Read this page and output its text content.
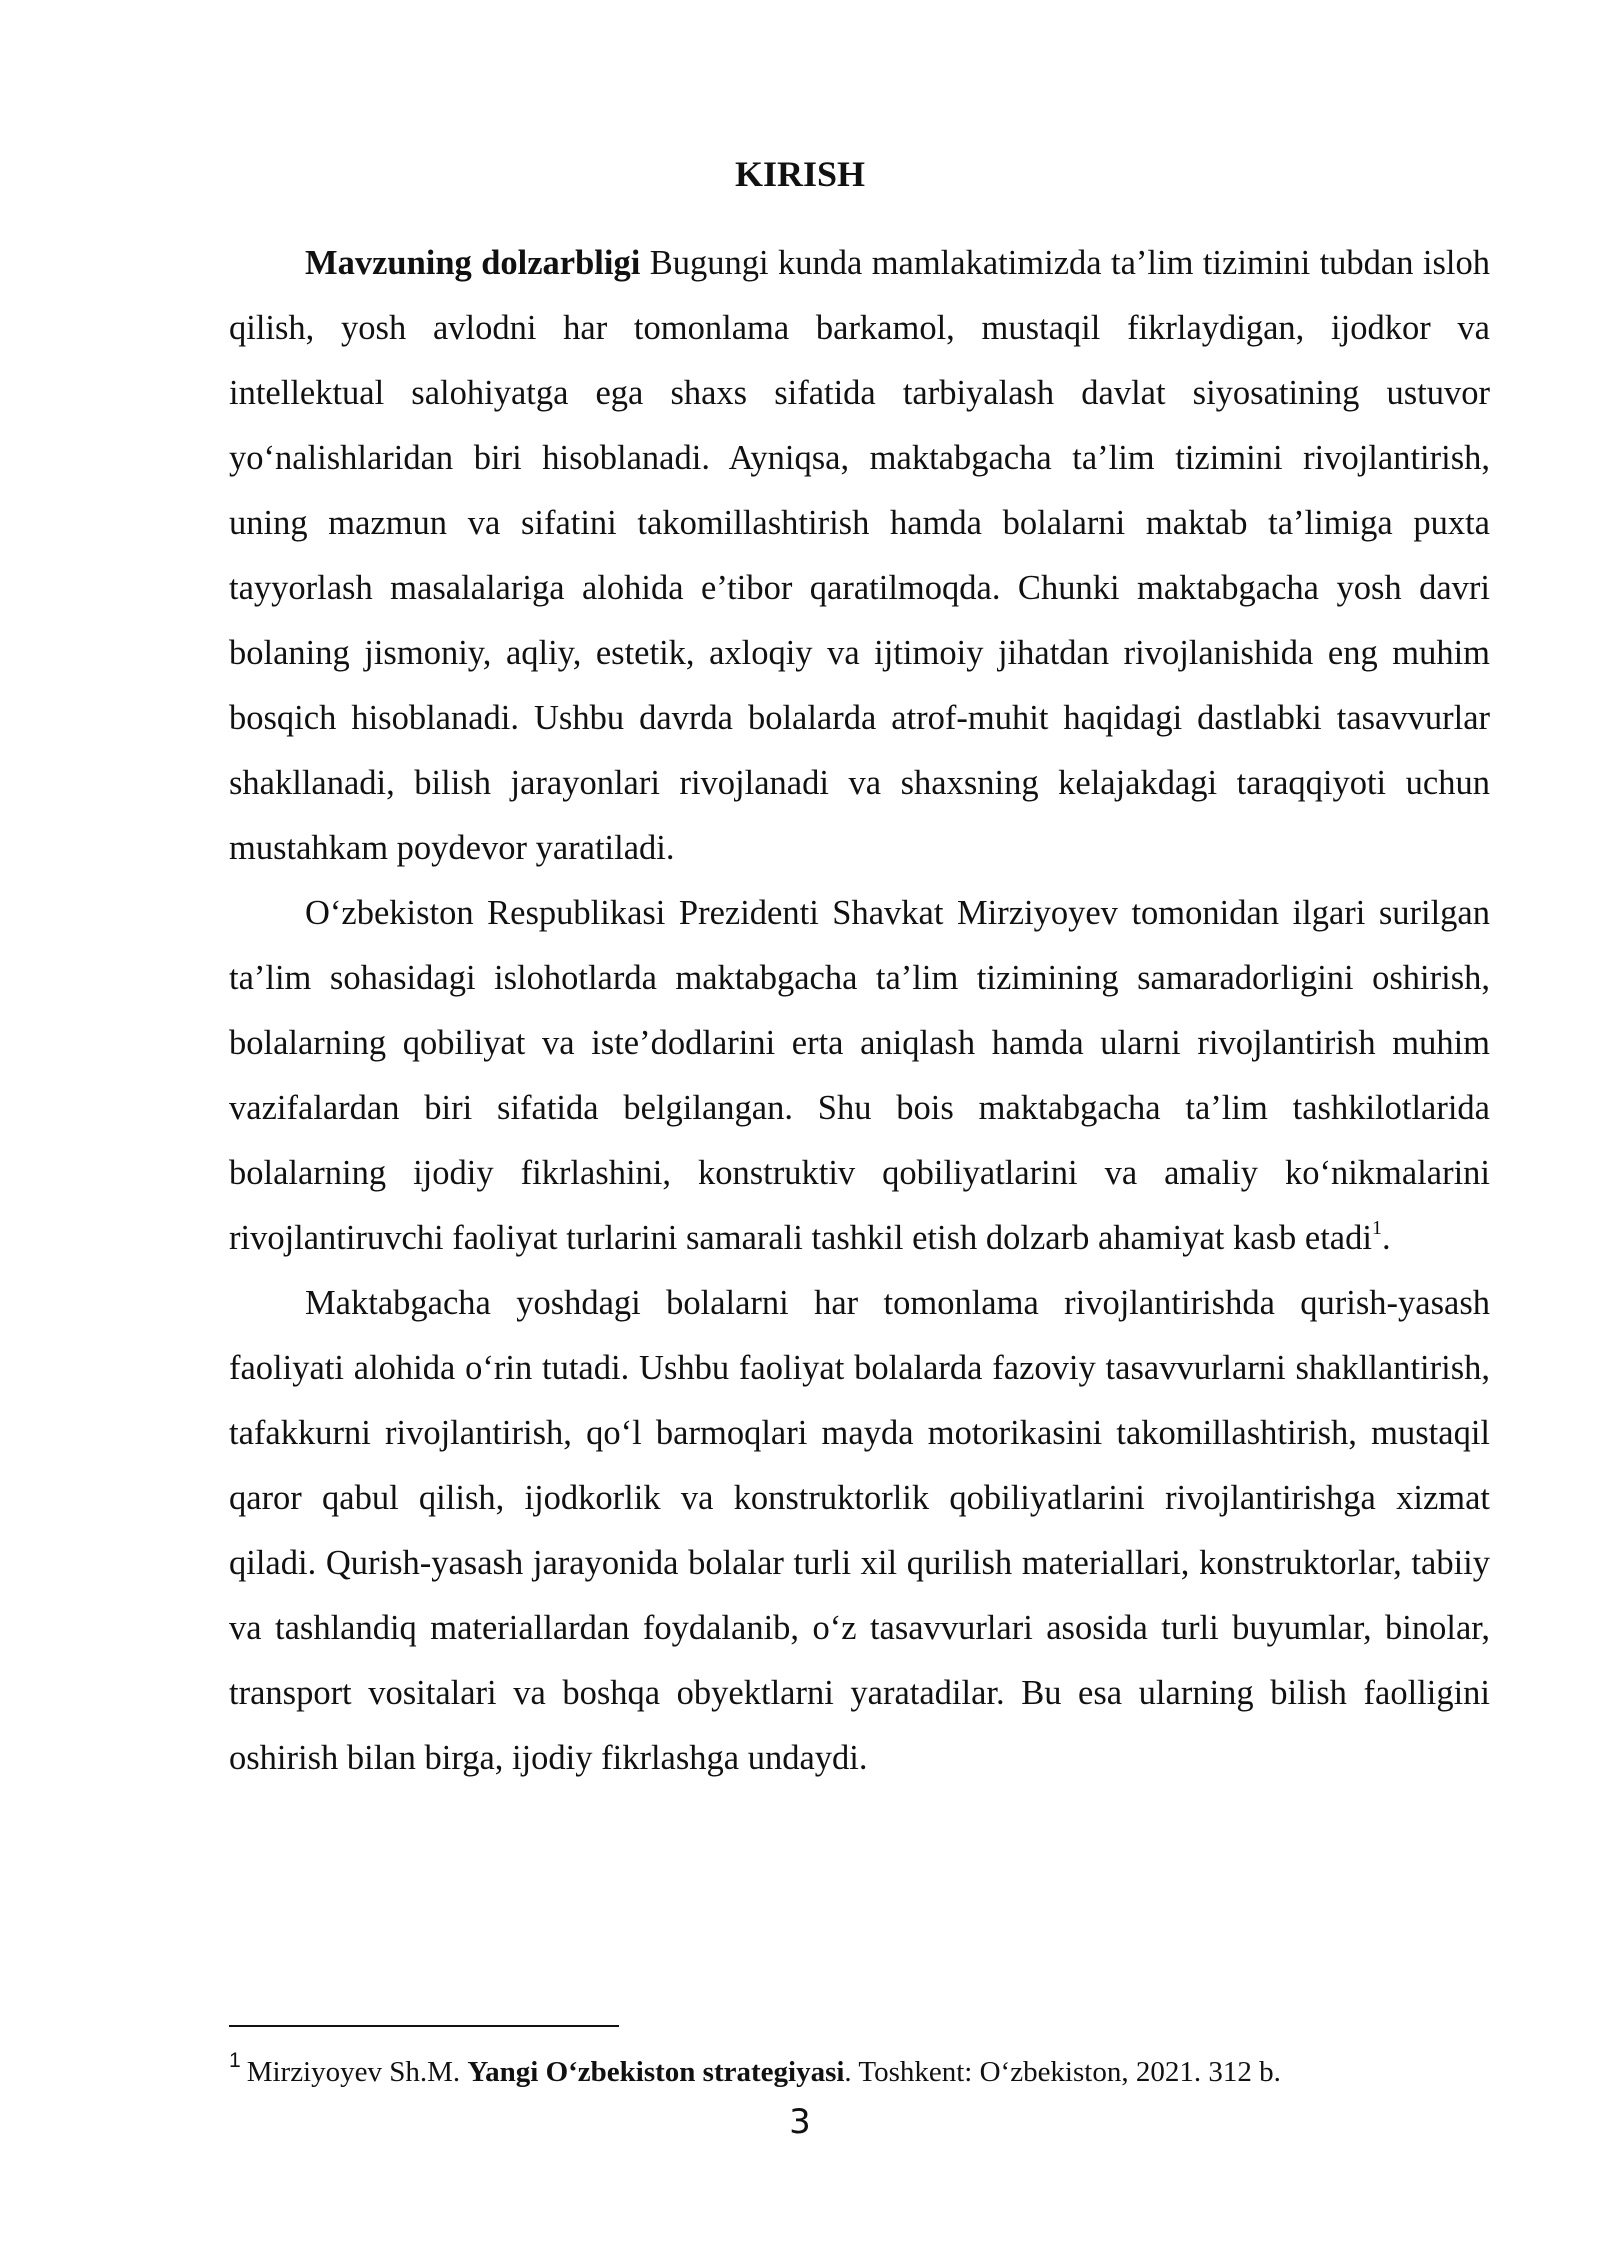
KIRISH

Mavzuning dolzarbligi Bugungi kunda mamlakatimizda ta’lim tizimini tubdan isloh qilish, yosh avlodni har tomonlama barkamol, mustaqil fikrlaydigan, ijodkor va intellektual salohiyatga ega shaxs sifatida tarbiyalash davlat siyosatining ustuvor yo‘nalishlaridan biri hisoblanadi. Ayniqsa, maktabgacha ta’lim tizimini rivojlantirish, uning mazmun va sifatini takomillashtirish hamda bolalarni maktab ta’limiga puxta tayyorlash masalalariga alohida e’tibor qaratilmoqda. Chunki maktabgacha yosh davri bolaning jismoniy, aqliy, estetik, axloqiy va ijtimoiy jihatdan rivojlanishida eng muhim bosqich hisoblanadi. Ushbu davrda bolalarda atrof-muhit haqidagi dastlabki tasavvurlar shakllanadi, bilish jarayonlari rivojlanadi va shaxsning kelajakdagi taraqqiyoti uchun mustahkam poydevor yaratiladi.

O‘zbekiston Respublikasi Prezidenti Shavkat Mirziyoyev tomonidan ilgari surilgan ta’lim sohasidagi islohotlarda maktabgacha ta’lim tizimining samaradorligini oshirish, bolalarning qobiliyat va iste’dodlarini erta aniqlash hamda ularni rivojlantirish muhim vazifalardan biri sifatida belgilangan. Shu bois maktabgacha ta’lim tashkilotlarida bolalarning ijodiy fikrlashini, konstruktiv qobiliyatlarini va amaliy ko‘nikmalarini rivojlantiruvchi faoliyat turlarini samarali tashkil etish dolzarb ahamiyat kasb etadi$^1$.

Maktabgacha yoshdagi bolalarni har tomonlama rivojlantirishda qurish-yasash faoliyati alohida o‘rin tutadi. Ushbu faoliyat bolalarda fazoviy tasavvurlarni shakllantirish, tafakkurni rivojlantirish, qo‘l barmoqlari mayda motorikasini takomillashtirish, mustaqil qaror qabul qilish, ijodkorlik va konstruktorlik qobiliyatlarini rivojlantirishga xizmat qiladi. Qurish-yasash jarayonida bolalar turli xil qurilish materiallari, konstruktorlar, tabiiy va tashlandiq materiallardan foydalanib, o‘z tasavvurlari asosida turli buyumlar, binolar, transport vositalari va boshqa obyektlarni yaratadilar. Bu esa ularning bilish faolligini oshirish bilan birga, ijodiy fikrlashga undaydi.

$^1$ Mirziyoyev Sh.M. Yangi O‘zbekiston strategiyasi. Toshkent: O‘zbekiston, 2021. 312 b.

3
